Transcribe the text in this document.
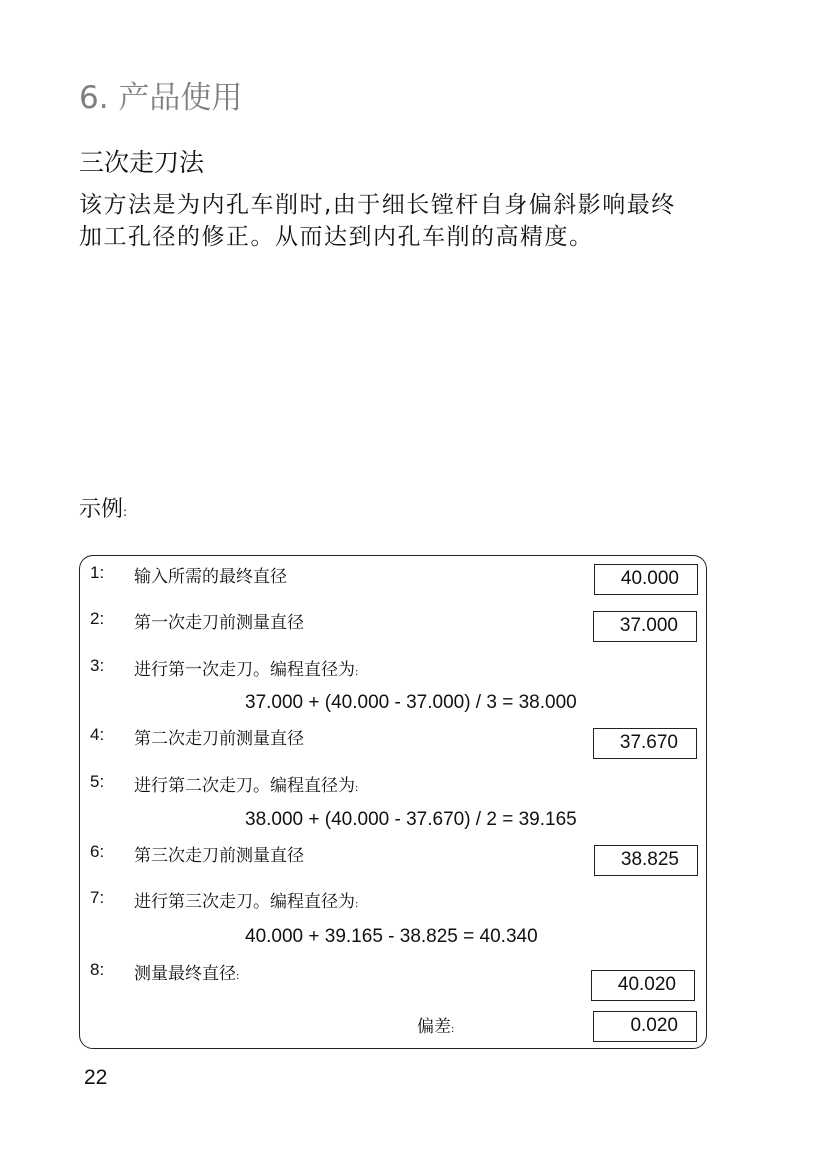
6. 产品使用
三次走刀法
该方法是为内孔车削时,由于细长镗杆自身偏斜影响最终
加工孔径的修正。从而达到内孔车削的高精度。
示例:
1: 输入所需的最终直径	40.000
2: 第一次走刀前测量直径	37.000
3: 进行第一次走刀。编程直径为:
37.000 + (40.000 - 37.000) / 3 = 38.000
4: 第二次走刀前测量直径	37.670
5: 进行第二次走刀。编程直径为:
38.000 + (40.000 - 37.670) / 2 = 39.165
6: 第三次走刀前测量直径	38.825
7: 进行第三次走刀。编程直径为:
40.000 + 39.165 - 38.825 = 40.340
8: 测量最终直径:	40.020
偏差:	0.020
22
